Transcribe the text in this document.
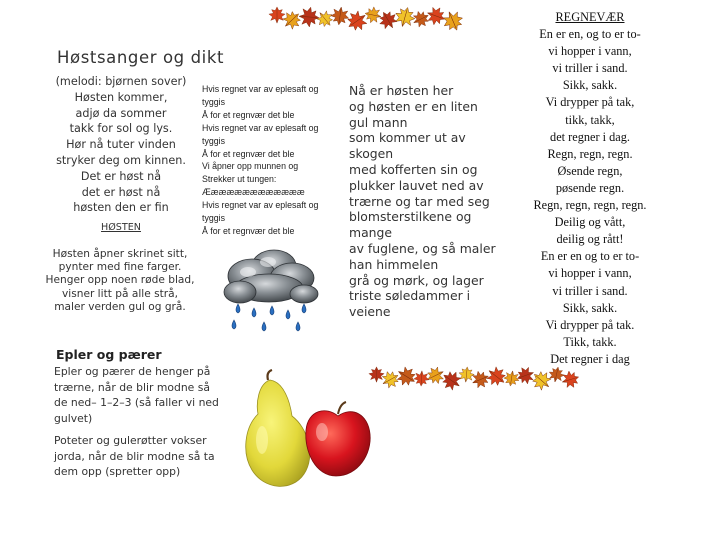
Høstsanger og dikt
(melodi: bjørnen sover)
Høsten kommer,
adjø da sommer
takk for sol og lys.
Hør nå tuter vinden
stryker deg om kinnen.
Det er høst nå
det er høst nå
høsten den er fin
HØSTEN
Høsten åpner skrinet sitt,
pynter med fine farger.
Henger opp noen røde blad,
visner litt på alle strå,
maler verden gul og grå.
Hvis regnet var av eplesaft og
tyggis
Å for et regnvær det ble
Hvis regnet var av eplesaft og
tyggis
Å for et regnvær det ble
Vi åpner opp munnen og
Strekker ut tungen:
Æææææææææææææ
Hvis regnet var av eplesaft og
tyggis
Å for et regnvær det ble
Nå er høsten her
og høsten er en liten
gul mann
som kommer ut av
skogen
med kofferten sin og
plukker lauvet ned av
trærne og tar med seg
blomsterstilkene og
mange
av fuglene, og så maler
han himmelen
grå og mørk, og lager
triste søledammer i
veiene
Epler og pærer
Epler og pærer de henger på
trærne, når de blir modne så
de ned– 1–2–3 (så faller vi ned
gulvet)
Poteter og gulerøtter vokser
jorda, når de blir modne så ta
dem opp (spretter opp)
REGNEVÆR
En er en, og to er to-
vi hopper i vann,
vi triller i sand.
Sikk, sakk.
Vi drypper på tak,
tikk, takk,
det regner i dag.
Regn, regn, regn.
Øsende regn,
pøsende regn.
Regn, regn, regn, regn.
Deilig og vått,
deilig og rått!
En er en og to er to-
vi hopper i vann,
vi triller i sand.
Sikk, sakk.
Vi drypper på tak.
Tikk, takk.
Det regner i dag
